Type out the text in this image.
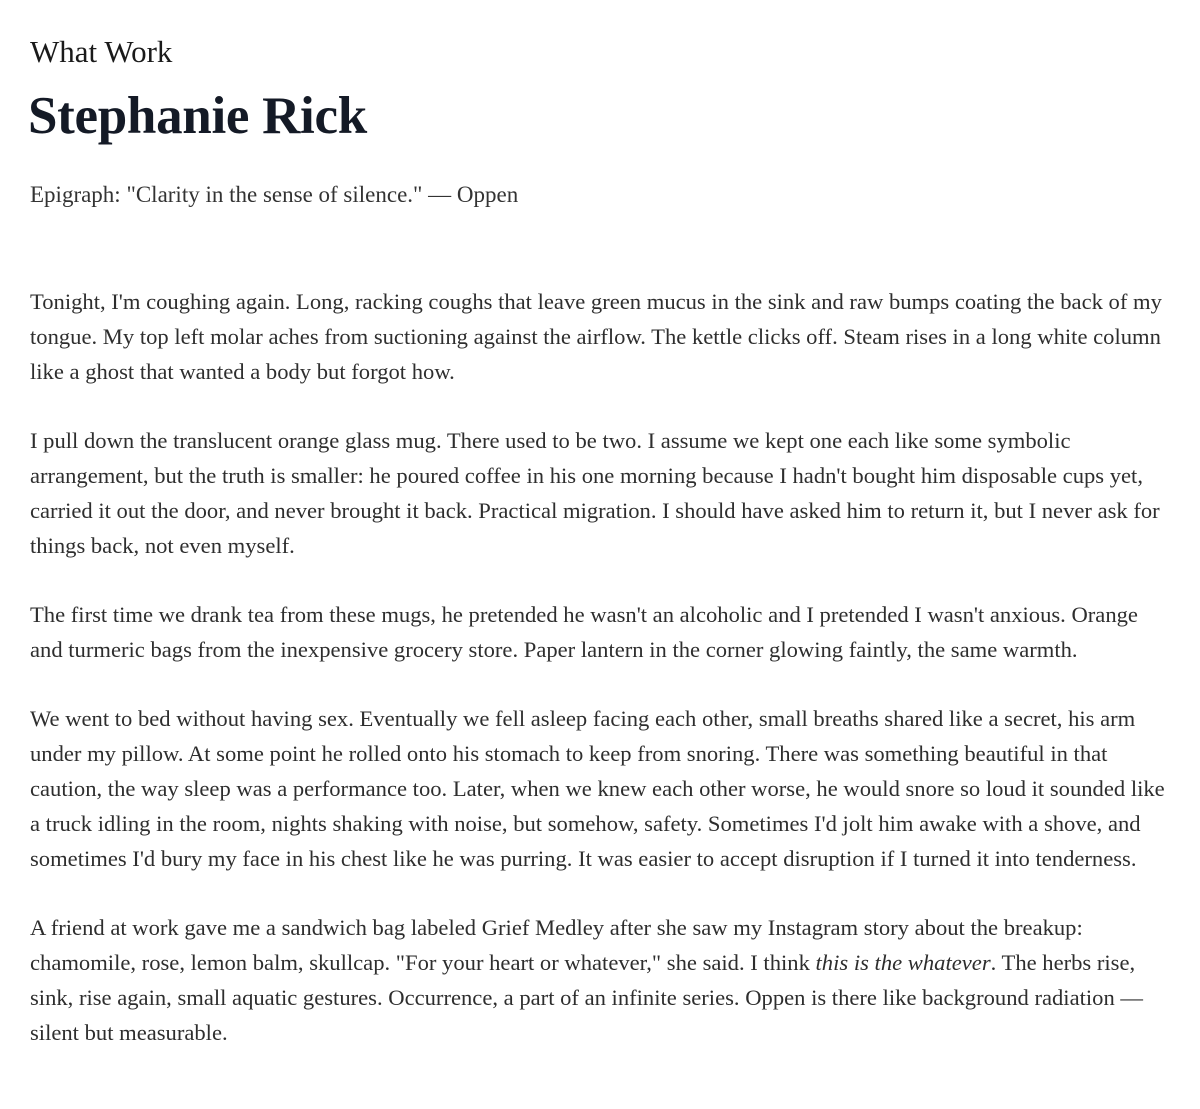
What Work
Stephanie Rick

Epigraph: "Clarity in the sense of silence." — Oppen

Tonight, I'm coughing again. Long, racking coughs that leave green mucus in the sink and raw bumps coating the back of my tongue. My top left molar aches from suctioning against the airflow. The kettle clicks off. Steam rises in a long white column like a ghost that wanted a body but forgot how.

I pull down the translucent orange glass mug. There used to be two. I assume we kept one each like some symbolic arrangement, but the truth is smaller: he poured coffee in his one morning because I hadn't bought him disposable cups yet, carried it out the door, and never brought it back. Practical migration. I should have asked him to return it, but I never ask for things back, not even myself.

The first time we drank tea from these mugs, he pretended he wasn't an alcoholic and I pretended I wasn't anxious. Orange and turmeric bags from the inexpensive grocery store. Paper lantern in the corner glowing faintly, the same warmth.

We went to bed without having sex. Eventually we fell asleep facing each other, small breaths shared like a secret, his arm under my pillow. At some point he rolled onto his stomach to keep from snoring. There was something beautiful in that caution, the way sleep was a performance too. Later, when we knew each other worse, he would snore so loud it sounded like a truck idling in the room, nights shaking with noise, but somehow, safety. Sometimes I'd jolt him awake with a shove, and sometimes I'd bury my face in his chest like he was purring. It was easier to accept disruption if I turned it into tenderness.

A friend at work gave me a sandwich bag labeled Grief Medley after she saw my Instagram story about the breakup: chamomile, rose, lemon balm, skullcap. "For your heart or whatever," she said. I think this is the whatever. The herbs rise, sink, rise again, small aquatic gestures. Occurrence, a part of an infinite series. Oppen is there like background radiation — silent but measurable.
